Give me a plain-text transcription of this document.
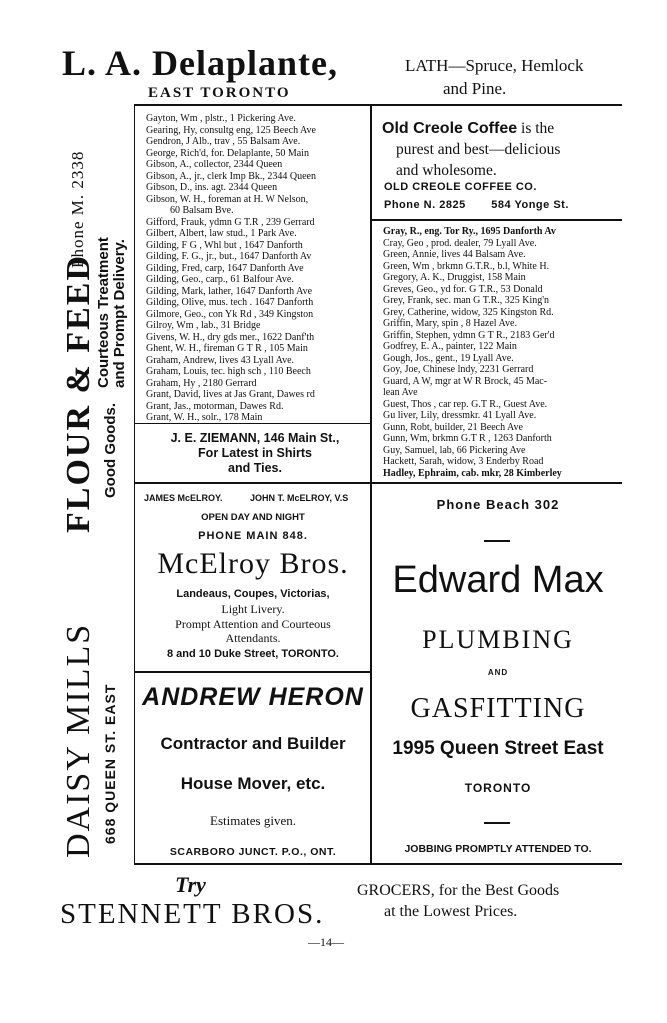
L. A. Delaplante,
EAST TORONTO
LATH—Spruce, Hemlock
and Pine.
DAISY MILLS
FLOUR & FEED
Phone M. 2338
668 QUEEN ST. EAST
Good Goods.
Courteous Treatment
and Prompt Delivery.
Gayton, Wm , plstr., 1 Pickering Ave.
Gearing, Hy, consultg eng, 125 Beech Ave
Gendron, J Alb., trav , 55 Balsam Ave.
George, Rich'd, for. Delaplante, 50 Main
Gibson, A., collector, 2344 Queen
Gibson, A., jr., clerk Imp Bk., 2344 Queen
Gibson, D., ins. agt. 2344 Queen
Gibson, W. H., foreman at H. W Nelson,
60 Balsam Bve.
Gifford, Frauk, ydmn G T.R , 239 Gerrard
Gilbert, Albert, law stud., 1 Park Ave.
Gilding, F G , Whl but , 1647 Danforth
Gilding, F. G., jr., but., 1647 Danforth Av
Gilding, Fred, carp, 1647 Danforth Ave
Gilding, Geo., carp., 61 Balfour Ave.
Gilding, Mark, lather, 1647 Danforth Ave
Gilding, Olive, mus. tech . 1647 Danforth
Gilmore, Geo., con Yk Rd , 349 Kingston
Gilroy, Wm , lab., 31 Bridge
Givens, W. H., dry gds mer., 1622 Danf'th
Ghent, W. H., fireman G T R , 105 Main
Graham, Andrew, lives 43 Lyall Ave.
Graham, Louis, tec. high sch , 110 Beech
Graham, Hy , 2180 Gerrard
Grant, David, lives at Jas Grant, Dawes rd
Grant, Jas., motorman, Dawes Rd.
Grant, W. H., solr., 178 Main
J. E. ZIEMANN, 146 Main St.,
For Latest in Shirts
and Ties.
JAMES McELROY.	JOHN T. McELROY, V.S
OPEN DAY AND NIGHT
PHONE MAIN 848.
McElroy Bros.
Landeaus, Coupes, Victorias,
Light Livery.
Prompt Attention and Courteous
Attendants.
8 and 10 Duke Street, TORONTO.
ANDREW HERON
Contractor and Builder
House Mover, etc.
Estimates given.
SCARBORO JUNCT. P.O., ONT.
Old Creole Coffee is the
purest and best—delicious
and wholesome.
OLD CREOLE COFFEE CO.
Phone N. 2825 584 Yonge St.
Gray, R., eng. Tor Ry., 1695 Danforth Av
Cray, Geo , prod. dealer, 79 Lyall Ave.
Green, Annie, lives 44 Balsam Ave.
Green, Wm , brkmn G.T.R., b.l, White H.
Gregory, A. K., Druggist, 158 Main
Greves, Geo., yd for. G T.R., 53 Donald
Grey, Frank, sec. man G T.R., 325 King'n
Grey, Catherine, widow, 325 Kingston Rd.
Griffin, Mary, spin , 8 Hazel Ave.
Griffin, Stephen, ydmn G T R., 2183 Ger'd
Godfrey, E. A., painter, 122 Main
Gough, Jos., gent., 19 Lyall Ave.
Goy, Joe, Chinese lndy, 2231 Gerrard
Guard, A W, mgr at W R Brock, 45 Mac-
lean Ave
Guest, Thos , car rep. G.T R., Guest Ave.
Gu liver, Lily, dressmkr. 41 Lyall Ave.
Gunn, Robt, builder, 21 Beech Ave
Gunn, Wm, brkmn G.T R , 1263 Danforth
Guy, Samuel, lab, 66 Pickering Ave
Hackett, Sarah, widow, 3 Enderby Road
Hadley, Ephraim, cab. mkr, 28 Kimberley
Phone Beach 302
Edward Max
PLUMBING
AND
GASFITTING
1995 Queen Street East
TORONTO
JOBBING PROMPTLY ATTENDED TO.
Try
STENNETT BROS.
GROCERS, for the Best Goods
at the Lowest Prices.
—14—
